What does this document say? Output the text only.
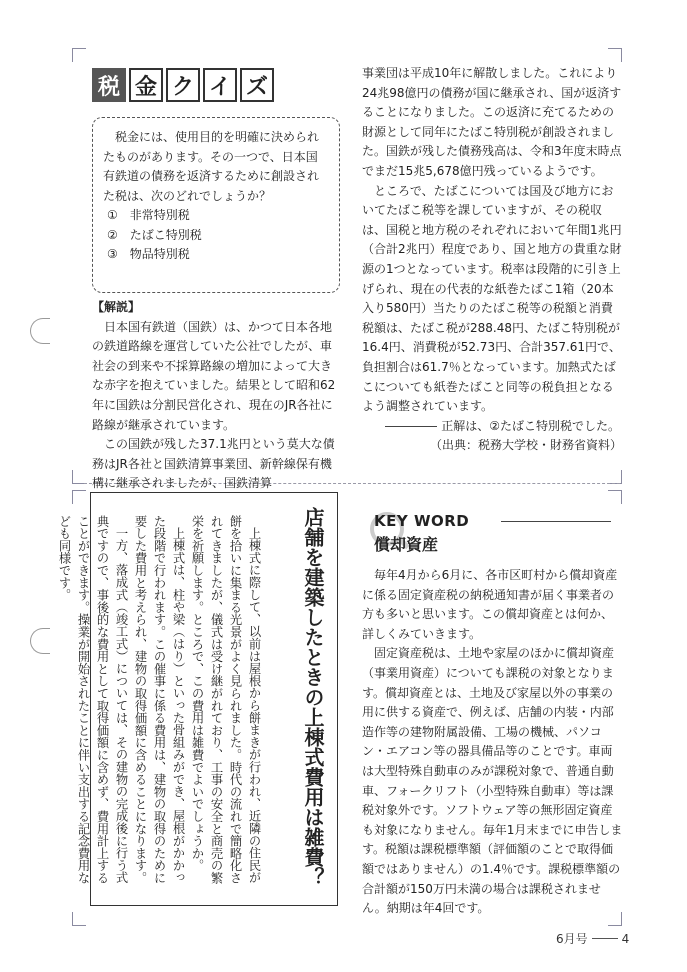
税 金 ク イ ズ

税金には、使用目的を明確に決められたものがあります。その一つで、日本国有鉄道の債務を返済するために創設された税は、次のどれでしょうか？

①　非常特別税

②　たばこ特別税

③　物品特別税

【解説】

日本国有鉄道（国鉄）は、かつて日本各地の鉄道路線を運営していた公社でしたが、車社会の到来や不採算路線の増加によって大きな赤字を抱えていました。結果として昭和62年に国鉄は分割民営化され、現在のJR各社に路線が継承されています。

この国鉄が残した37.1兆円という莫大な債務はJR各社と国鉄清算事業団、新幹線保有機構に継承されましたが、国鉄清算

事業団は平成10年に解散しました。これにより24兆98億円の債務が国に継承され、国が返済することになりました。この返済に充てるための財源として同年にたばこ特別税が創設されました。国鉄が残した債務残高は、令和3年度末時点でまだ15兆5,678億円残っているようです。

ところで、たばこについては国及び地方においてたばこ税等を課していますが、その税収は、国税と地方税のそれぞれにおいて年間1兆円（合計2兆円）程度であり、国と地方の貴重な財源の1つとなっています。税率は段階的に引き上げられ、現在の代表的な紙巻たばこ1箱（20本入り580円）当たりのたばこ税等の税額と消費税額は、たばこ税が288.48円、たばこ特別税が16.4円、消費税が52.73円、合計357.61円で、負担割合は61.7％となっています。加熱式たばこについても紙巻たばこと同等の税負担となるよう調整されています。

正解は、②たばこ特別税でした。
（出典：税務大学校・財務省資料）
店舗を建築したときの上棟式費用は雑費？

上棟式に際して、以前は屋根から餅まきが行われ、近隣の住民が餅を拾いに集まる光景がよく見られました。時代の流れで簡略化されてきましたが、儀式は受け継がれており、工事の安全と商売の繁栄を祈願します。ところで、この費用は雑費でよいでしょうか。

上棟式は、柱や梁（はり）といった骨組みができ、屋根がかかった段階で行われます。この催事に係る費用は、建物の取得のために要した費用と考えられ、建物の取得価額に含めることになります。

一方、落成式（竣工式）については、その建物の完成後に行う式典ですので、事後的な費用として取得価額に含めず、費用計上することができます。操業が開始されたことに伴い支出する記念費用なども同様です。	KEY WORD
償却資産

毎年4月から6月に、各市区町村から償却資産に係る固定資産税の納税通知書が届く事業者の方も多いと思います。この償却資産とは何か、詳しくみていきます。

固定資産税は、土地や家屋のほかに償却資産（事業用資産）についても課税の対象となります。償却資産とは、土地及び家屋以外の事業の用に供する資産で、例えば、店舗の内装・内部造作等の建物附属設備、工場の機械、パソコン・エアコン等の器具備品等のことです。車両は大型特殊自動車のみが課税対象で、普通自動車、フォークリフト（小型特殊自動車）等は課税対象外です。ソフトウェア等の無形固定資産も対象になりません。毎年1月末までに申告します。税額は課税標準額（評価額のことで取得価額ではありません）の1.4％です。課税標準額の合計額が150万円未満の場合は課税されません。納期は年4回です。

6月号	4
